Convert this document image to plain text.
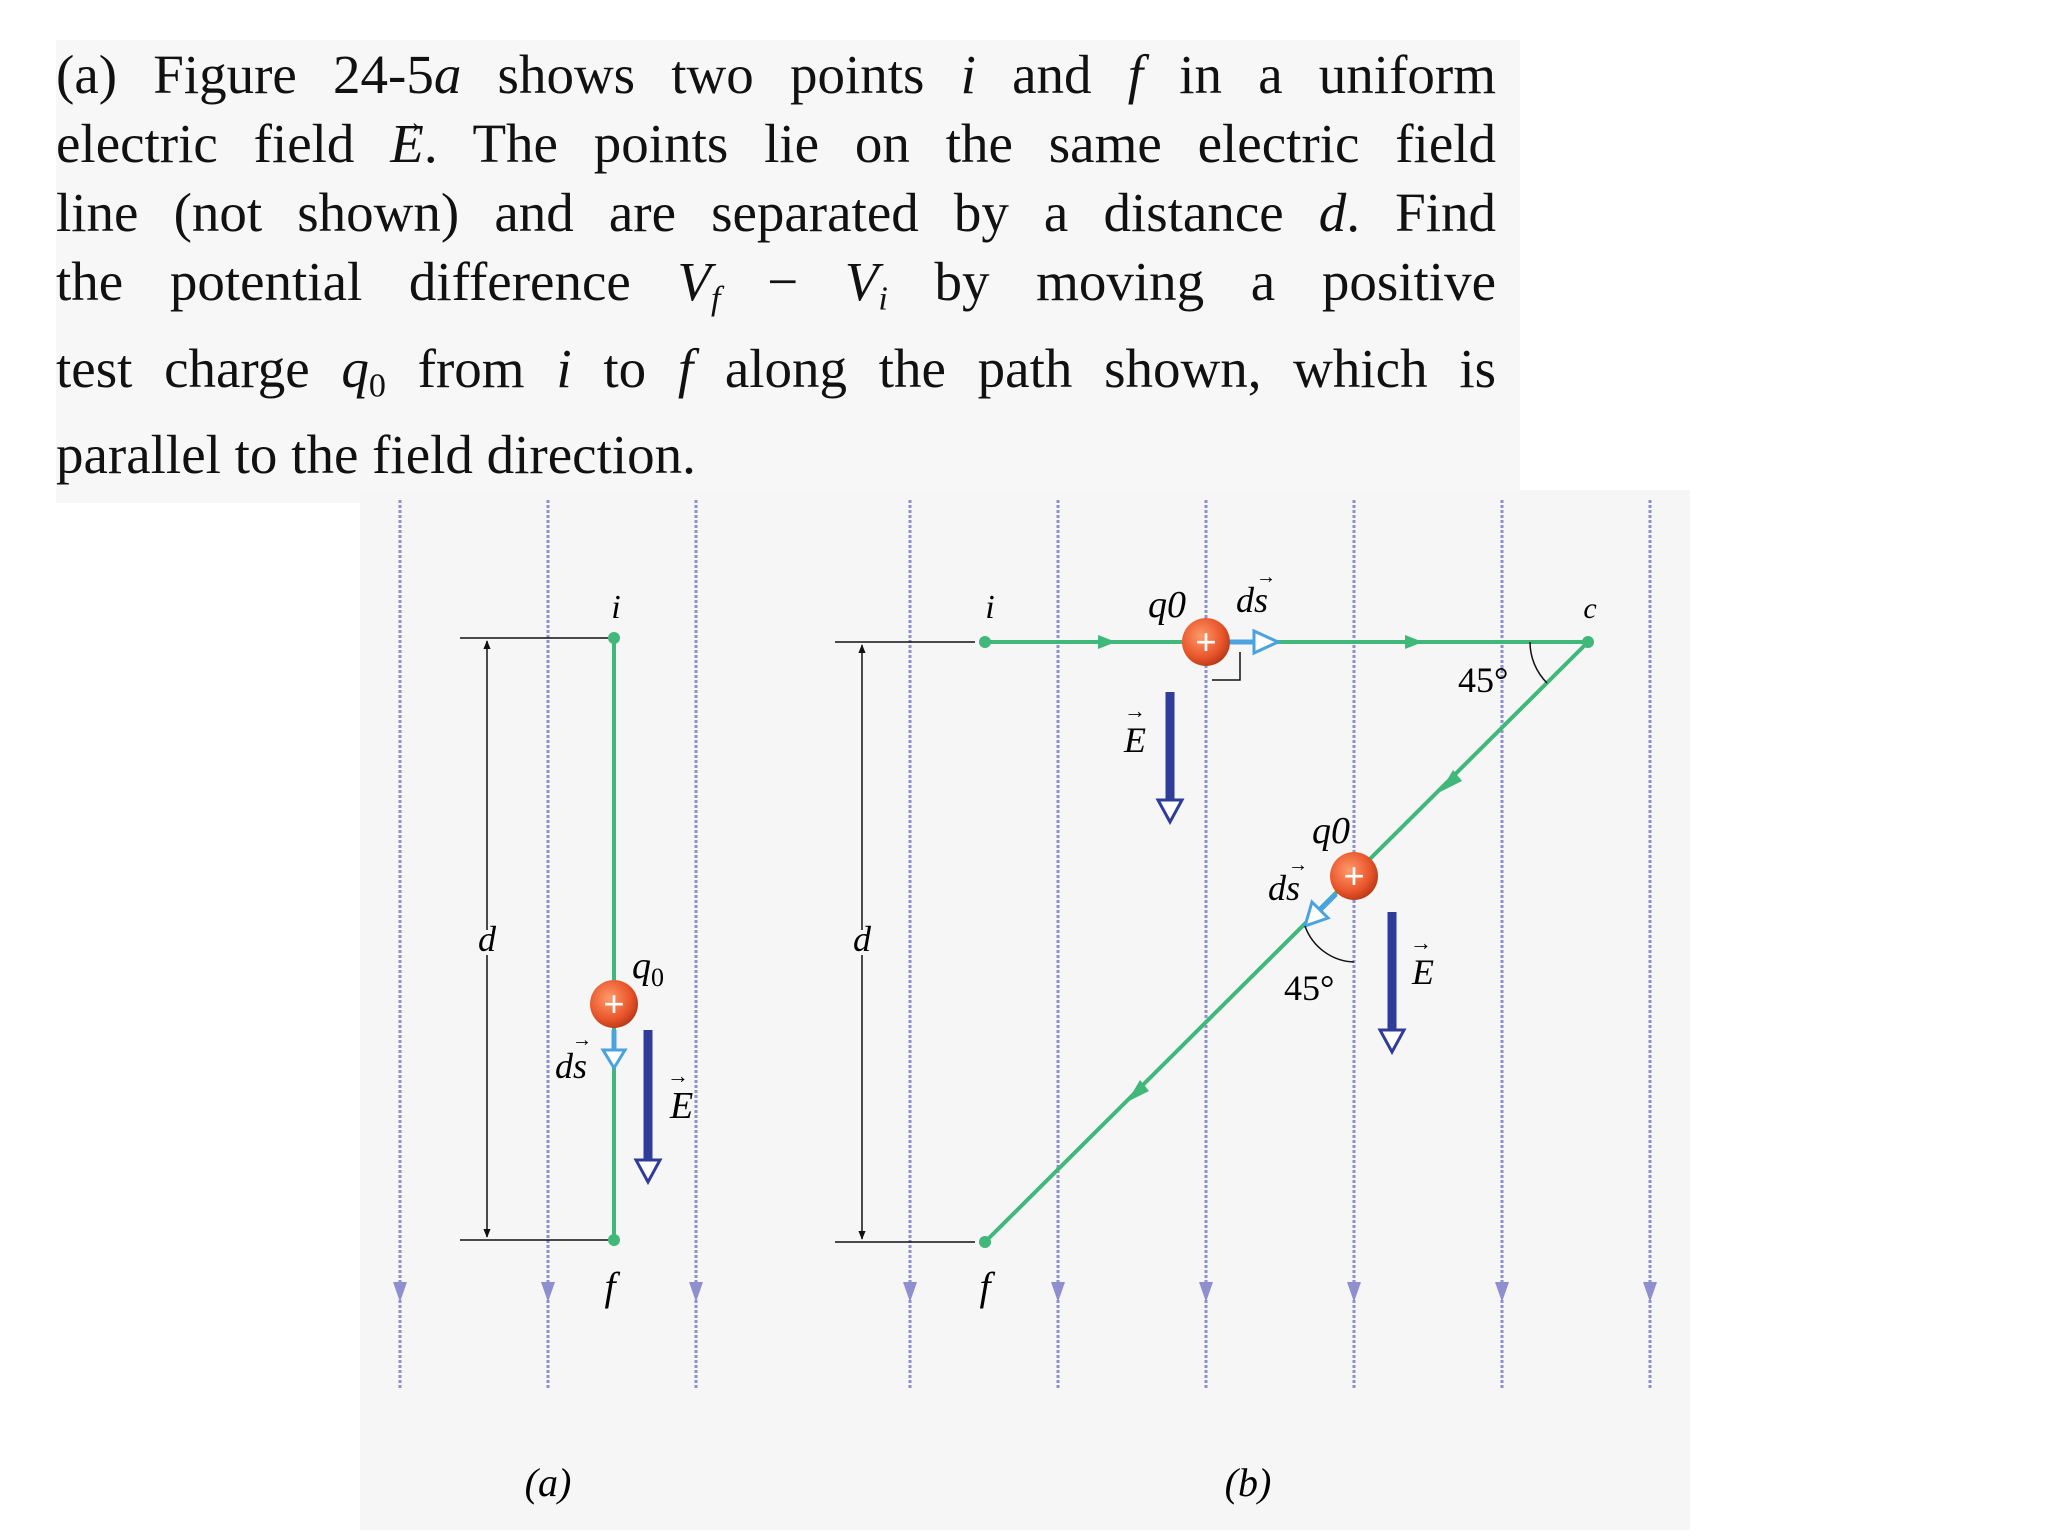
(a) Figure 24-5a shows two points i and f in a uniform
electric field E →. The points lie on the same electric field
line (not shown) and are separated by a distance d. Find
the potential difference $V_f - V_i$ by moving a positive
test charge $q_0$ from i to f along the path shown, which is
parallel to the field direction.
d
i
f
$q_0$
+
ds
→
E
→
(a)
d
i	c
f
45°
q0
+
ds
→
E
→
q0
+
ds
→
45° E
→
(b)
